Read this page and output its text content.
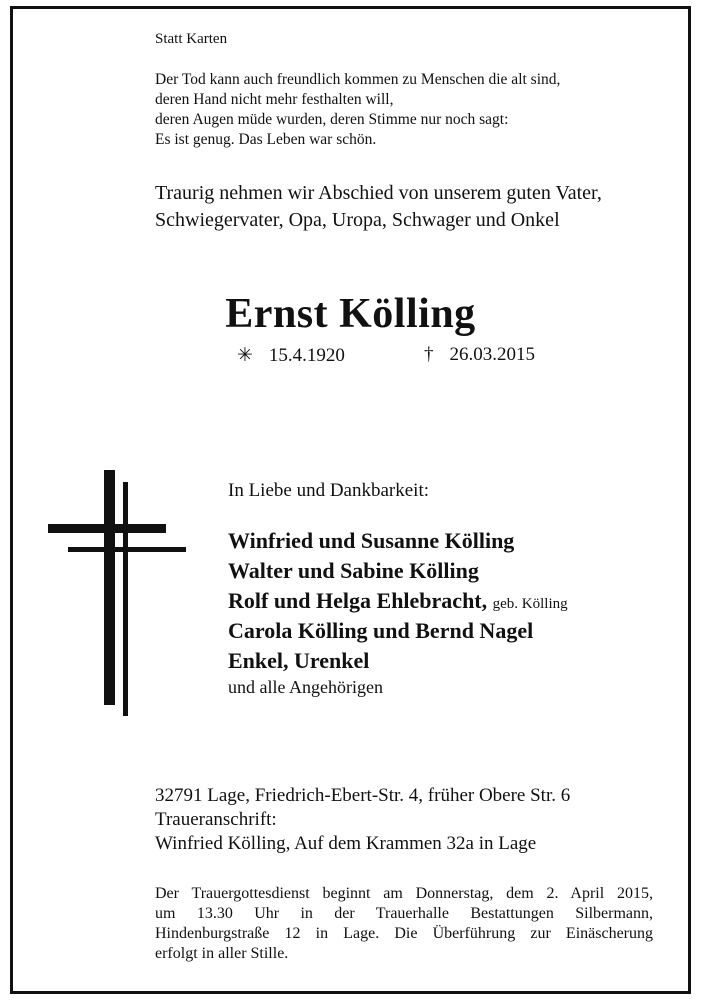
Statt Karten
Der Tod kann auch freundlich kommen zu Menschen die alt sind,
deren Hand nicht mehr festhalten will,
deren Augen müde wurden, deren Stimme nur noch sagt:
Es ist genug. Das Leben war schön.
Traurig nehmen wir Abschied von unserem guten Vater,
Schwiegervater, Opa, Uropa, Schwager und Onkel
Ernst Kölling
✳ 15.4.1920	† 26.03.2015
In Liebe und Dankbarkeit:
Winfried und Susanne Kölling
Walter und Sabine Kölling
Rolf und Helga Ehlebracht, geb. Kölling
Carola Kölling und Bernd Nagel
Enkel, Urenkel
und alle Angehörigen
32791 Lage, Friedrich-Ebert-Str. 4, früher Obere Str. 6
Traueranschrift:
Winfried Kölling, Auf dem Krammen 32a in Lage
Der Trauergottesdienst beginnt am Donnerstag, dem 2. April 2015,
um 13.30 Uhr in der Trauerhalle Bestattungen Silbermann,
Hindenburgstraße 12 in Lage. Die Überführung zur Einäscherung
erfolgt in aller Stille.
